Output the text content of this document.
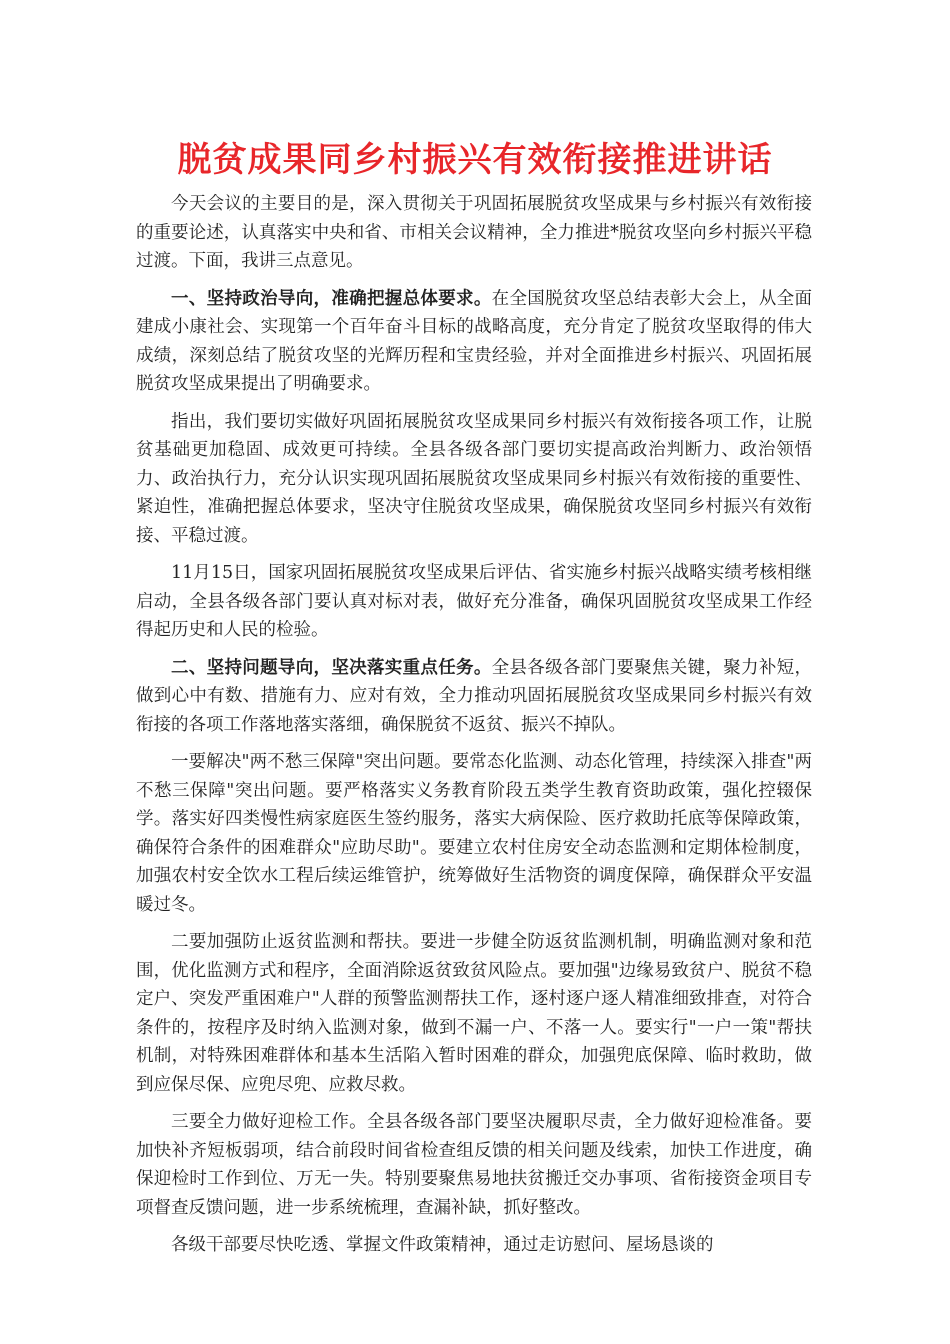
脱贫成果同乡村振兴有效衔接推进讲话

今天会议的主要目的是，深入贯彻关于巩固拓展脱贫攻坚成果与乡村振兴有效衔接的重要论述，认真落实中央和省、市相关会议精神，全力推进*脱贫攻坚向乡村振兴平稳过渡。下面，我讲三点意见。

一、坚持政治导向，准确把握总体要求。在全国脱贫攻坚总结表彰大会上，从全面建成小康社会、实现第一个百年奋斗目标的战略高度，充分肯定了脱贫攻坚取得的伟大成绩，深刻总结了脱贫攻坚的光辉历程和宝贵经验，并对全面推进乡村振兴、巩固拓展脱贫攻坚成果提出了明确要求。

指出，我们要切实做好巩固拓展脱贫攻坚成果同乡村振兴有效衔接各项工作，让脱贫基础更加稳固、成效更可持续。全县各级各部门要切实提高政治判断力、政治领悟力、政治执行力，充分认识实现巩固拓展脱贫攻坚成果同乡村振兴有效衔接的重要性、紧迫性，准确把握总体要求，坚决守住脱贫攻坚成果，确保脱贫攻坚同乡村振兴有效衔接、平稳过渡。

11月15日，国家巩固拓展脱贫攻坚成果后评估、省实施乡村振兴战略实绩考核相继启动，全县各级各部门要认真对标对表，做好充分准备，确保巩固脱贫攻坚成果工作经得起历史和人民的检验。

二、坚持问题导向，坚决落实重点任务。全县各级各部门要聚焦关键，聚力补短，做到心中有数、措施有力、应对有效，全力推动巩固拓展脱贫攻坚成果同乡村振兴有效衔接的各项工作落地落实落细，确保脱贫不返贫、振兴不掉队。

一要解决"两不愁三保障"突出问题。要常态化监测、动态化管理，持续深入排查"两不愁三保障"突出问题。要严格落实义务教育阶段五类学生教育资助政策，强化控辍保学。落实好四类慢性病家庭医生签约服务，落实大病保险、医疗救助托底等保障政策，确保符合条件的困难群众"应助尽助"。要建立农村住房安全动态监测和定期体检制度，加强农村安全饮水工程后续运维管护，统筹做好生活物资的调度保障，确保群众平安温暖过冬。

二要加强防止返贫监测和帮扶。要进一步健全防返贫监测机制，明确监测对象和范围，优化监测方式和程序，全面消除返贫致贫风险点。要加强"边缘易致贫户、脱贫不稳定户、突发严重困难户"人群的预警监测帮扶工作，逐村逐户逐人精准细致排查，对符合条件的，按程序及时纳入监测对象，做到不漏一户、不落一人。要实行"一户一策"帮扶机制，对特殊困难群体和基本生活陷入暂时困难的群众，加强兜底保障、临时救助，做到应保尽保、应兜尽兜、应救尽救。

三要全力做好迎检工作。全县各级各部门要坚决履职尽责，全力做好迎检准备。要加快补齐短板弱项，结合前段时间省检查组反馈的相关问题及线索，加快工作进度，确保迎检时工作到位、万无一失。特别要聚焦易地扶贫搬迁交办事项、省衔接资金项目专项督查反馈问题，进一步系统梳理，查漏补缺，抓好整改。

各级干部要尽快吃透、掌握文件政策精神，通过走访慰问、屋场恳谈的
